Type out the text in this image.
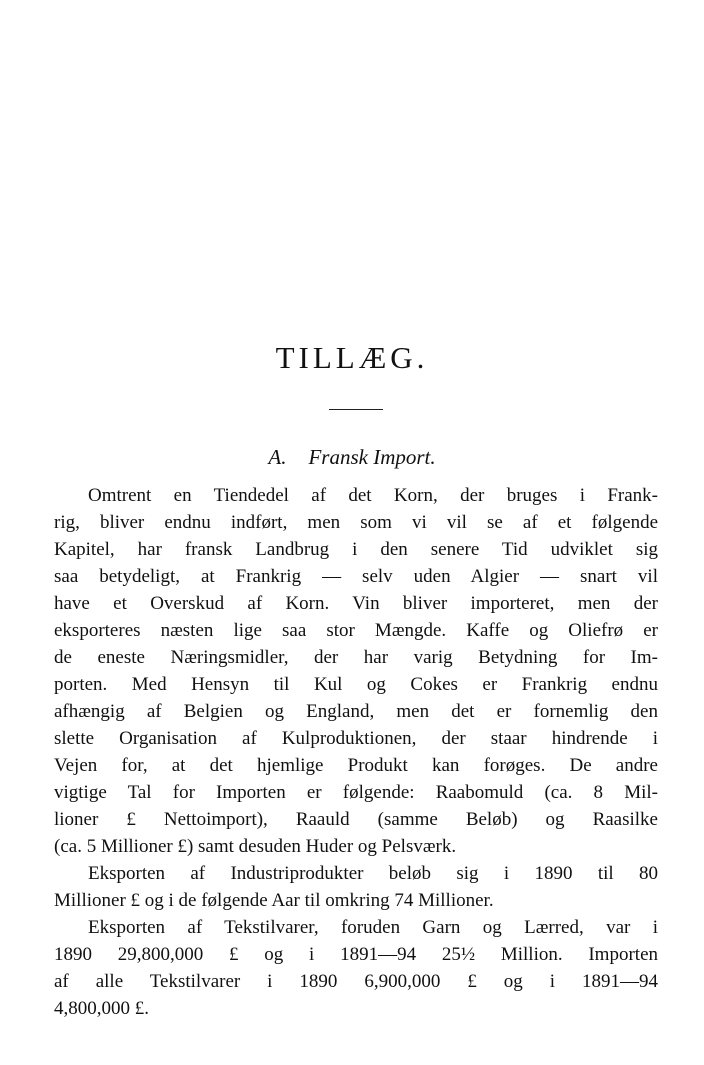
TILLÆG.
A. Fransk Import.

Omtrent en Tiendedel af det Korn, der bruges i Frank-
rig, bliver endnu indført, men som vi vil se af et følgende
Kapitel, har fransk Landbrug i den senere Tid udviklet sig
saa betydeligt, at Frankrig — selv uden Algier — snart vil
have et Overskud af Korn. Vin bliver importeret, men der
eksporteres næsten lige saa stor Mængde. Kaffe og Oliefrø er
de eneste Næringsmidler, der har varig Betydning for Im-
porten. Med Hensyn til Kul og Cokes er Frankrig endnu
afhængig af Belgien og England, men det er fornemlig den
slette Organisation af Kulproduktionen, der staar hindrende i
Vejen for, at det hjemlige Produkt kan forøges. De andre
vigtige Tal for Importen er følgende: Raabomuld (ca. 8 Mil-
lioner £ Nettoimport), Raauld (samme Beløb) og Raasilke
(ca. 5 Millioner £) samt desuden Huder og Pelsværk.

Eksporten af Industriprodukter beløb sig i 1890 til 80
Millioner £ og i de følgende Aar til omkring 74 Millioner.

Eksporten af Tekstilvarer, foruden Garn og Lærred, var i
1890 29,800,000 £ og i 1891—94 25½ Million. Importen
af alle Tekstilvarer i 1890 6,900,000 £ og i 1891—94
4,800,000 £.
